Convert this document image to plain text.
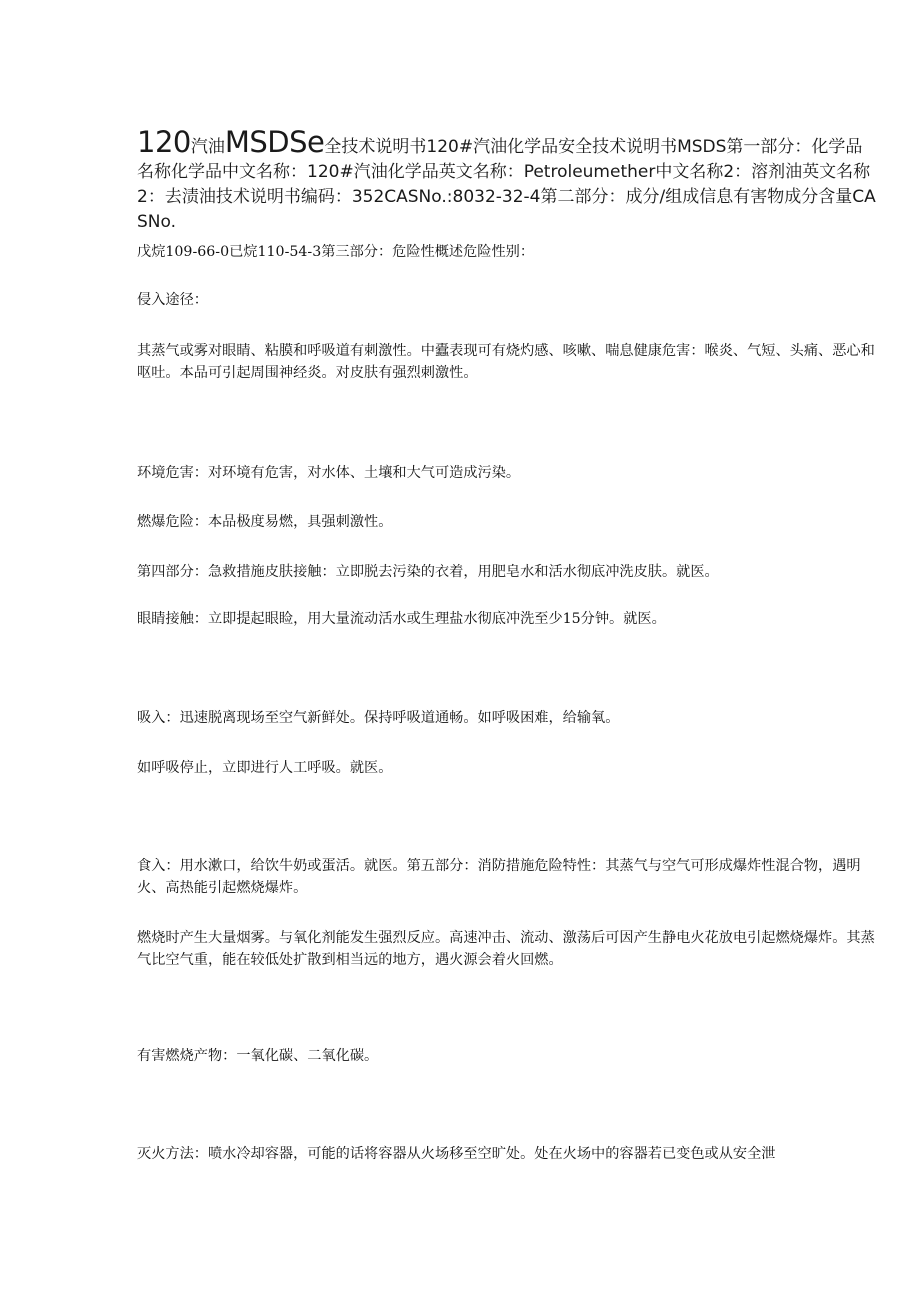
120汽油MSDSe全技术说明书120#汽油化学品安全技术说明书MSDS第一部分：化学品名称化学品中文名称：120#汽油化学品英文名称：Petroleumether中文名称2：溶剂油英文名称2：去渍油技术说明书编码：352CASNo.:8032-32-4第二部分：成分/组成信息有害物成分含量CASNo.

戊烷109-66-0已烷110-54-3第三部分：危险性概述危险性别：

侵入途径：

其蒸气或雾对眼睛、粘膜和呼吸道有刺激性。中蠹表现可有烧灼感、咳嗽、喘息健康危害：喉炎、气短、头痛、恶心和呕吐。本品可引起周围神经炎。对皮肤有强烈刺激性。

环境危害：对环境有危害，对水体、土壤和大气可造成污染。

燃爆危险：本品极度易燃，具强刺激性。

第四部分：急救措施皮肤接触：立即脱去污染的衣着，用肥皂水和活水彻底冲洗皮肤。就医。

眼睛接触：立即提起眼睑，用大量流动活水或生理盐水彻底冲洗至少15分钟。就医。

吸入：迅速脱离现场至空气新鲜处。保持呼吸道通畅。如呼吸困难，给输氧。

如呼吸停止，立即进行人工呼吸。就医。

食入：用水漱口，给饮牛奶或蛋活。就医。第五部分：消防措施危险特性：其蒸气与空气可形成爆炸性混合物，遇明火、高热能引起燃烧爆炸。

燃烧时产生大量烟雾。与氧化剂能发生强烈反应。高速冲击、流动、激荡后可因产生静电火花放电引起燃烧爆炸。其蒸气比空气重，能在较低处扩散到相当远的地方，遇火源会着火回燃。

有害燃烧产物：一氧化碳、二氧化碳。

灭火方法：喷水冷却容器，可能的话将容器从火场移至空旷处。处在火场中的容器若已变色或从安全泄
